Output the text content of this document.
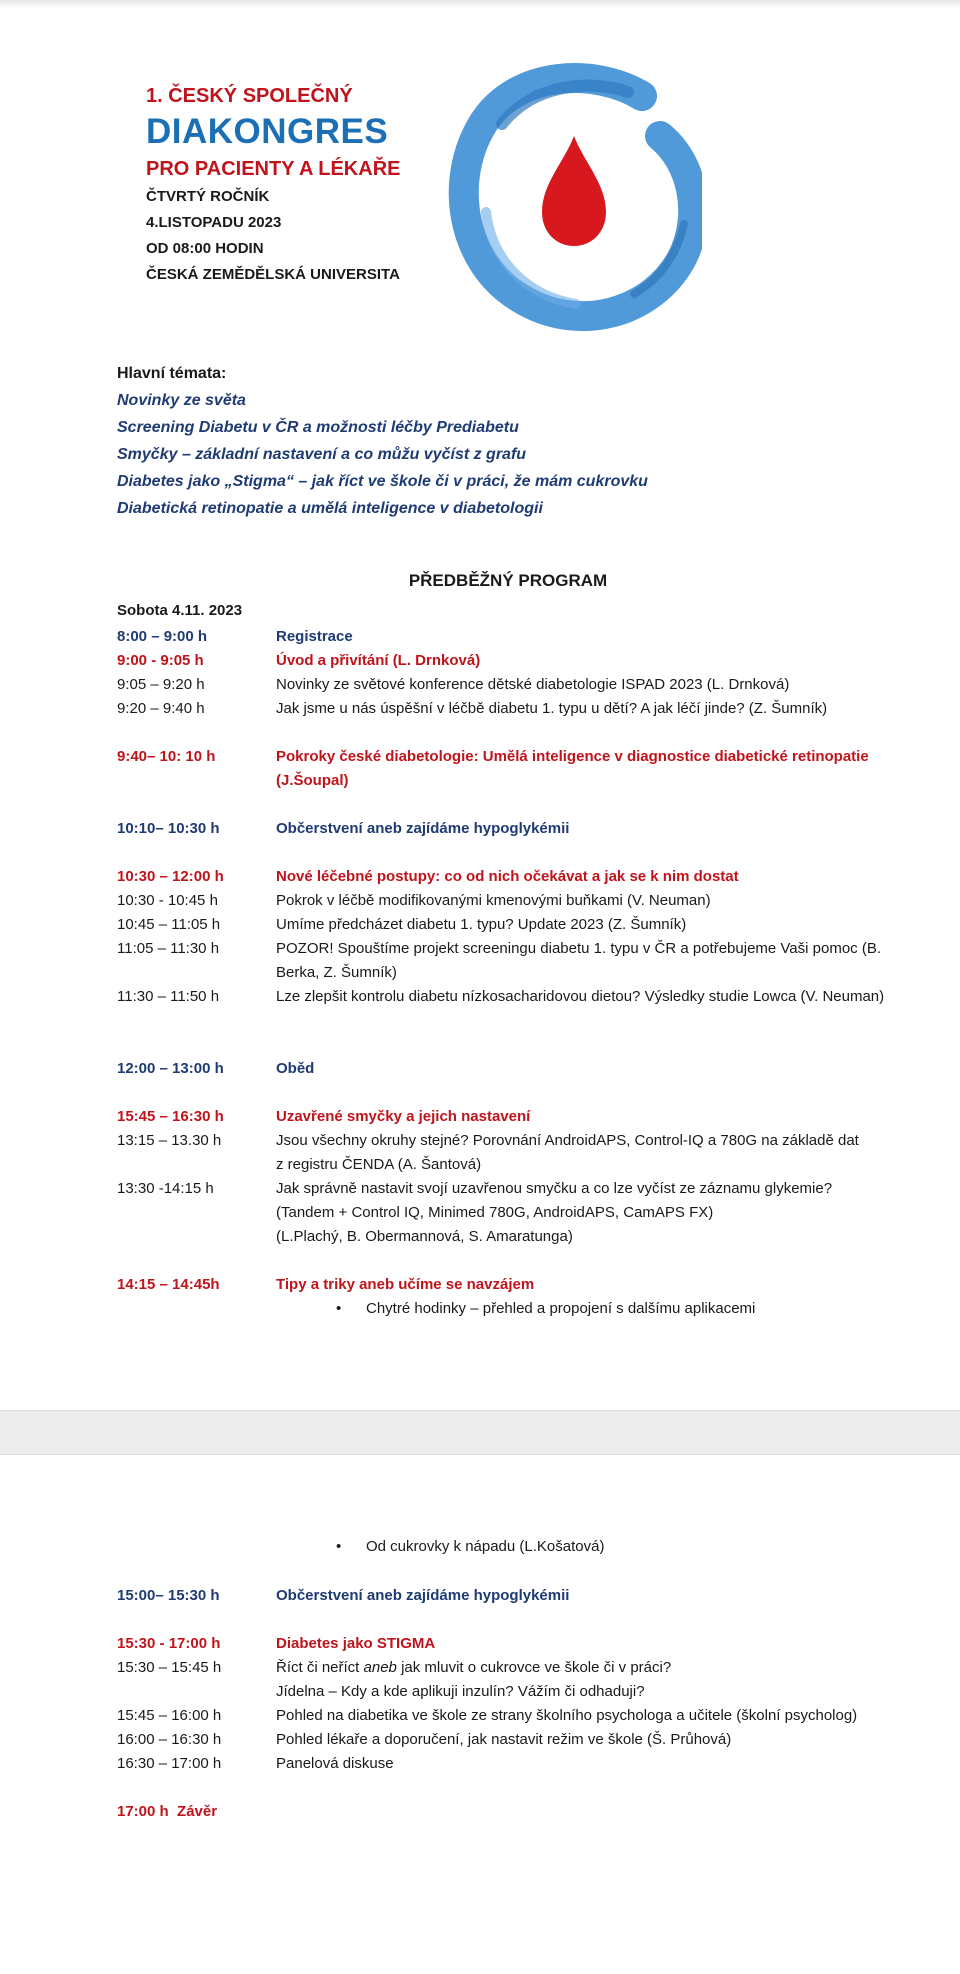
1. ČESKÝ SPOLEČNÝ
DIAKONGRES
PRO PACIENTY A LÉKAŘE
ČTVRTÝ ROČNÍK
4.LISTOPADU 2023
OD 08:00 HODIN
ČESKÁ ZEMĚDĚLSKÁ UNIVERSITA
Hlavní témata:
Novinky ze světa
Screening Diabetu v ČR a možnosti léčby Prediabetu
Smyčky – základní nastavení a co můžu vyčíst z grafu
Diabetes jako „Stigma“ – jak říct ve škole či v práci, že mám cukrovku
Diabetická retinopatie a umělá inteligence v diabetologii
PŘEDBĚŽNÝ PROGRAM
Sobota 4.11. 2023
8:00 – 9:00 h	Registrace
9:00 - 9:05 h	Úvod a přivítání (L. Drnková)
9:05 – 9:20 h	Novinky ze světové konference dětské diabetologie ISPAD 2023 (L. Drnková)
9:20 – 9:40 h	Jak jsme u nás úspěšní v léčbě diabetu 1. typu u dětí? A jak léčí jinde? (Z. Šumník)
9:40– 10: 10 h	Pokroky české diabetologie: Umělá inteligence v diagnostice diabetické retinopatie (J.Šoupal)
10:10– 10:30 h	Občerstvení aneb zajídáme hypoglykémii
10:30 – 12:00 h	Nové léčebné postupy: co od nich očekávat a jak se k nim dostat
10:30 - 10:45 h	Pokrok v léčbě modifikovanými kmenovými buňkami (V. Neuman)
10:45 – 11:05 h	Umíme předcházet diabetu 1. typu? Update 2023 (Z. Šumník)
11:05 – 11:30 h	POZOR! Spouštíme projekt screeningu diabetu 1. typu v ČR a potřebujeme Vaši pomoc (B. Berka, Z. Šumník)
11:30 – 11:50 h	Lze zlepšit kontrolu diabetu nízkosacharidovou dietou? Výsledky studie Lowca (V. Neuman)
12:00 – 13:00 h	Oběd
15:45 – 16:30 h	Uzavřené smyčky a jejich nastavení
13:15 – 13.30 h	Jsou všechny okruhy stejné? Porovnání AndroidAPS, Control-IQ a 780G na základě dat
z registru ČENDA (A. Šantová)
13:30 -14:15 h	Jak správně nastavit svojí uzavřenou smyčku a co lze vyčíst ze záznamu glykemie?
(Tandem + Control IQ, Minimed 780G, AndroidAPS, CamAPS FX)
(L.Plachý, B. Obermannová, S. Amaratunga)
14:15 – 14:45h	Tipy a triky aneb učíme se navzájem
• Chytré hodinky – přehled a propojení s dalšímu aplikacemi
• Od cukrovky k nápadu (L.Košatová)
15:00– 15:30 h	Občerstvení aneb zajídáme hypoglykémii
15:30 - 17:00 h	Diabetes jako STIGMA
15:30 – 15:45 h	Říct či neříct aneb jak mluvit o cukrovce ve škole či v práci?
Jídelna – Kdy a kde aplikuji inzulín? Vážím či odhaduji?
15:45 – 16:00 h	Pohled na diabetika ve škole ze strany školního psychologa a učitele (školní psycholog)
16:00 – 16:30 h	Pohled lékaře a doporučení, jak nastavit režim ve škole (Š. Průhová)
16:30 – 17:00 h	Panelová diskuse
17:00 h Závěr
